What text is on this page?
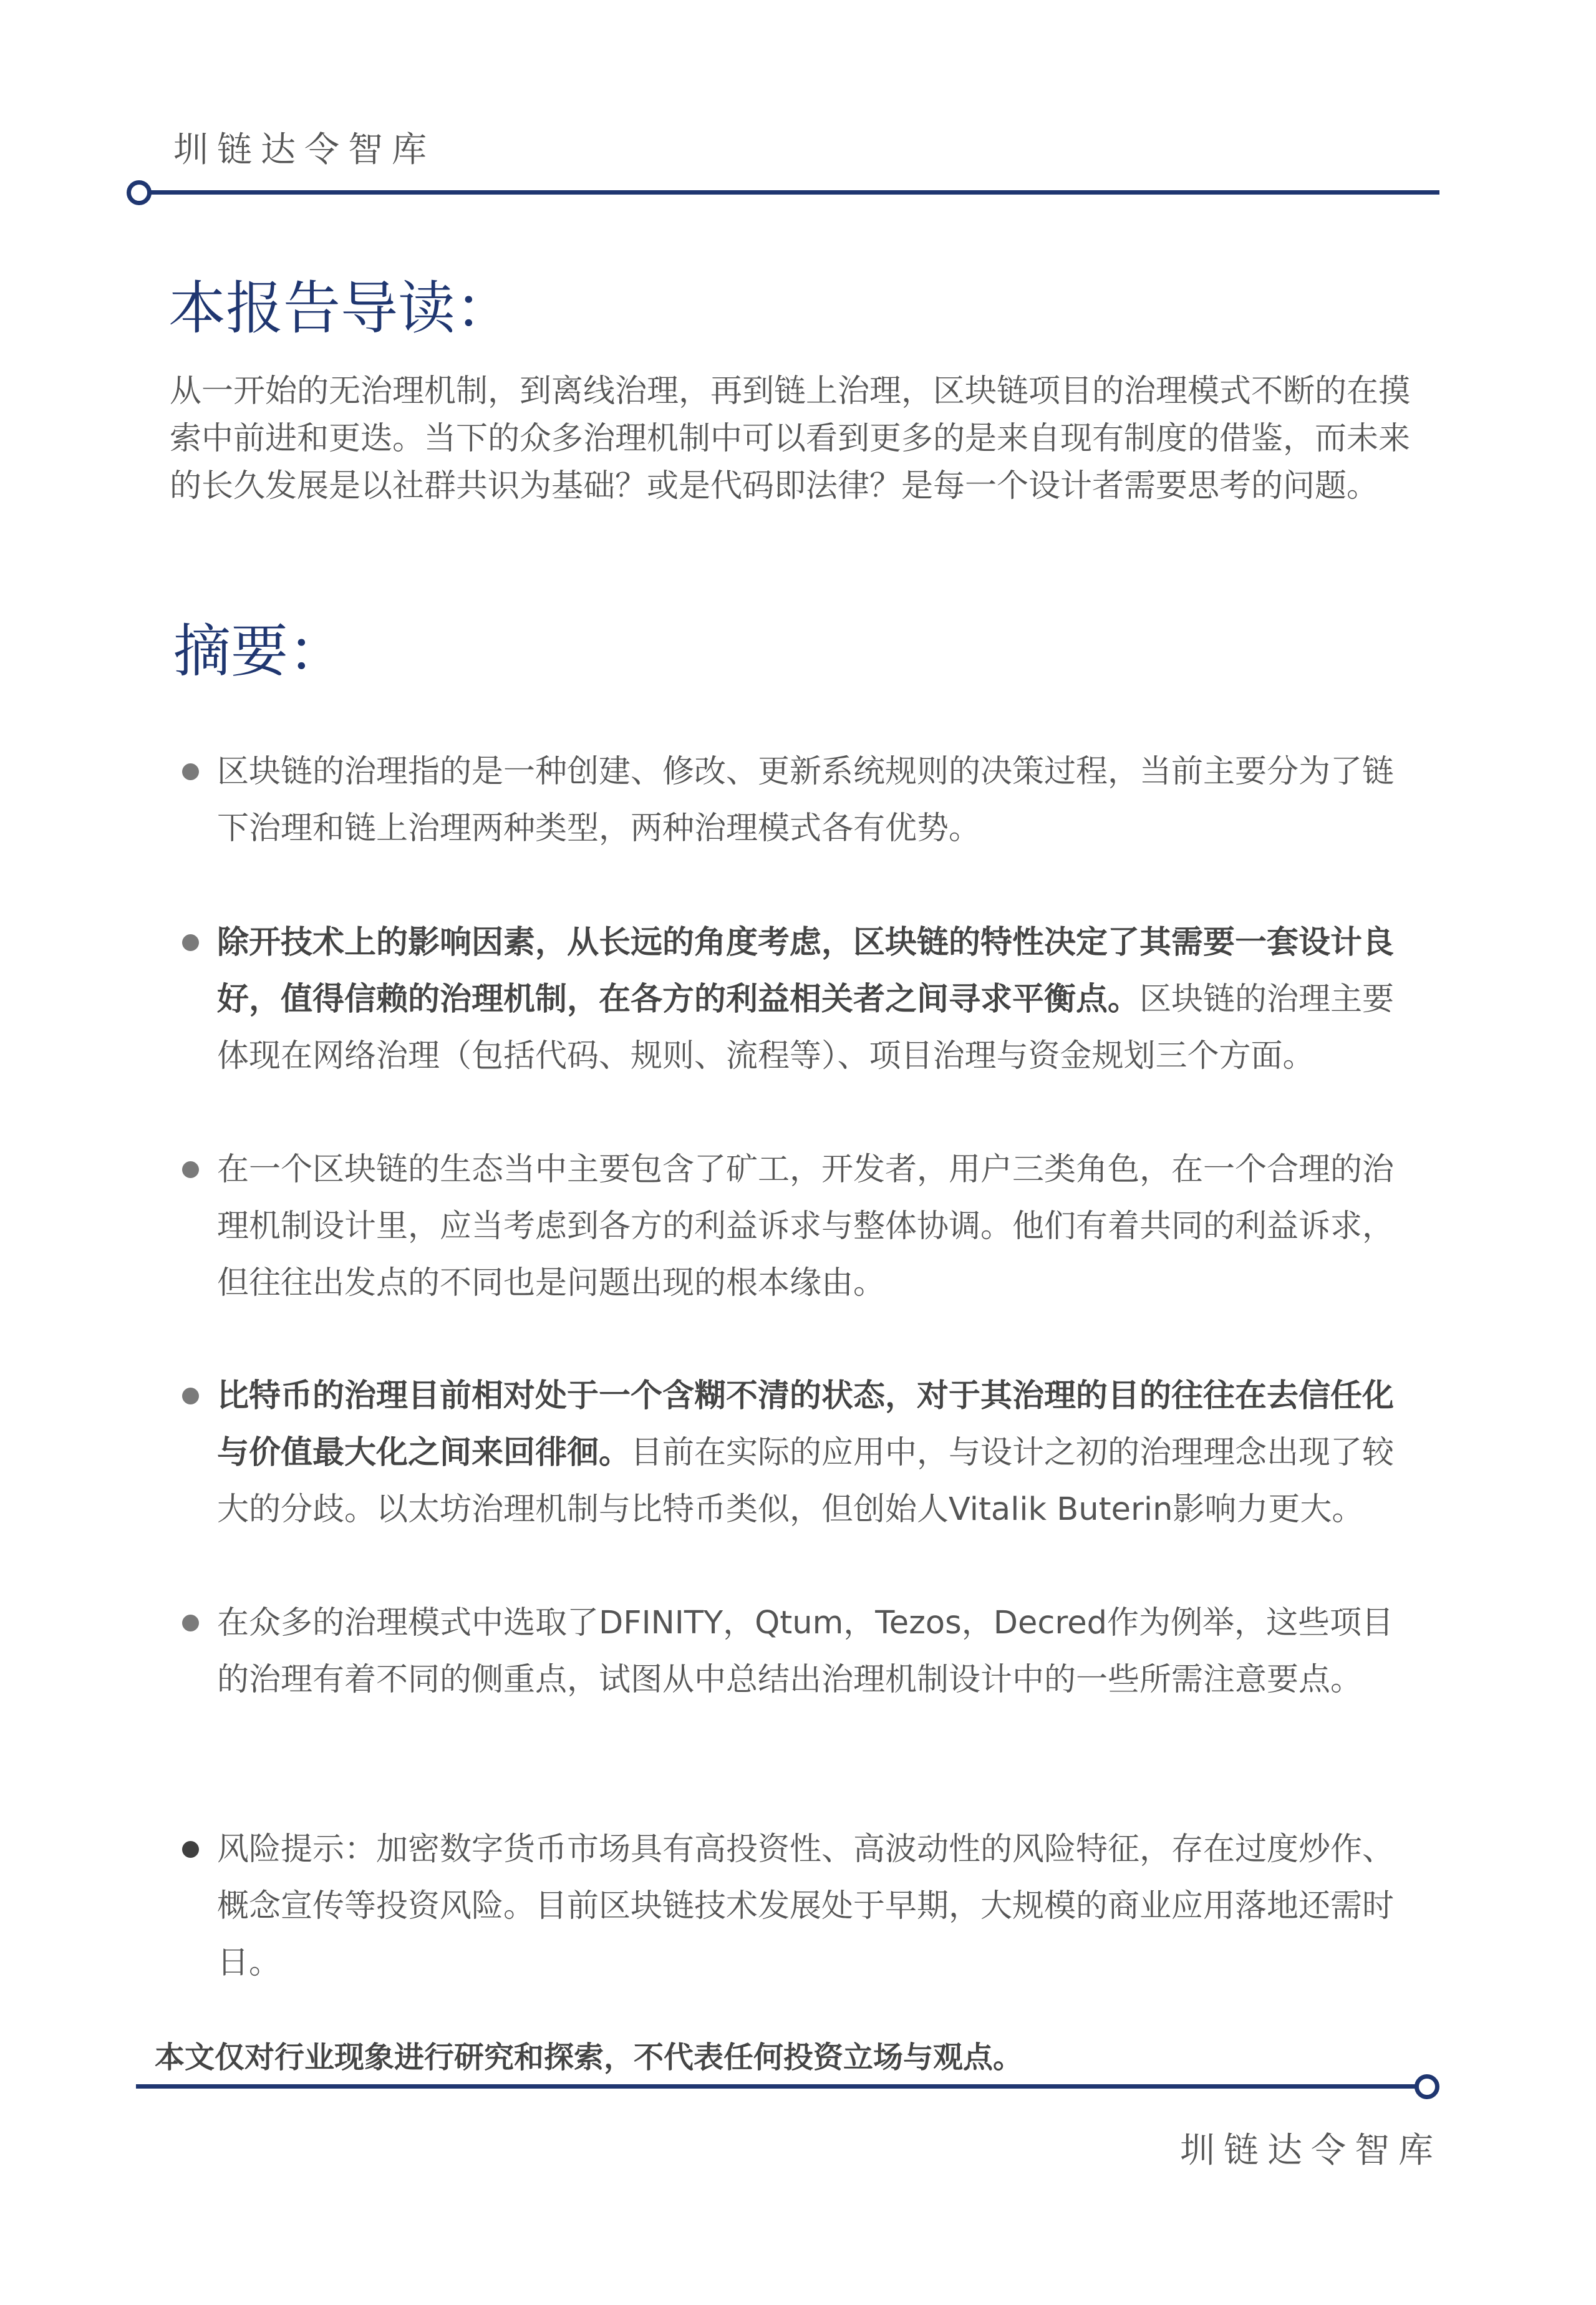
圳链达令智库
本报告导读：
从一开始的无治理机制，到离线治理，再到链上治理，区块链项目的治理模式不断的在摸索中前进和更迭。当下的众多治理机制中可以看到更多的是来自现有制度的借鉴，而未来的长久发展是以社群共识为基础？或是代码即法律？是每一个设计者需要思考的问题。
摘要：
区块链的治理指的是一种创建、修改、更新系统规则的决策过程，当前主要分为了链下治理和链上治理两种类型，两种治理模式各有优势。
除开技术上的影响因素，从长远的角度考虑，区块链的特性决定了其需要一套设计良好，值得信赖的治理机制，在各方的利益相关者之间寻求平衡点。区块链的治理主要体现在网络治理（包括代码、规则、流程等）、项目治理与资金规划三个方面。
在一个区块链的生态当中主要包含了矿工，开发者，用户三类角色，在一个合理的治理机制设计里，应当考虑到各方的利益诉求与整体协调。他们有着共同的利益诉求，但往往出发点的不同也是问题出现的根本缘由。
比特币的治理目前相对处于一个含糊不清的状态，对于其治理的目的往往在去信任化与价值最大化之间来回徘徊。目前在实际的应用中，与设计之初的治理理念出现了较大的分歧。以太坊治理机制与比特币类似，但创始人Vitalik Buterin影响力更大。
在众多的治理模式中选取了DFINITY，Qtum，Tezos，Decred作为例举，这些项目的治理有着不同的侧重点，试图从中总结出治理机制设计中的一些所需注意要点。
风险提示：加密数字货币市场具有高投资性、高波动性的风险特征，存在过度炒作、概念宣传等投资风险。目前区块链技术发展处于早期，大规模的商业应用落地还需时日。
本文仅对行业现象进行研究和探索，不代表任何投资立场与观点。
圳链达令智库
